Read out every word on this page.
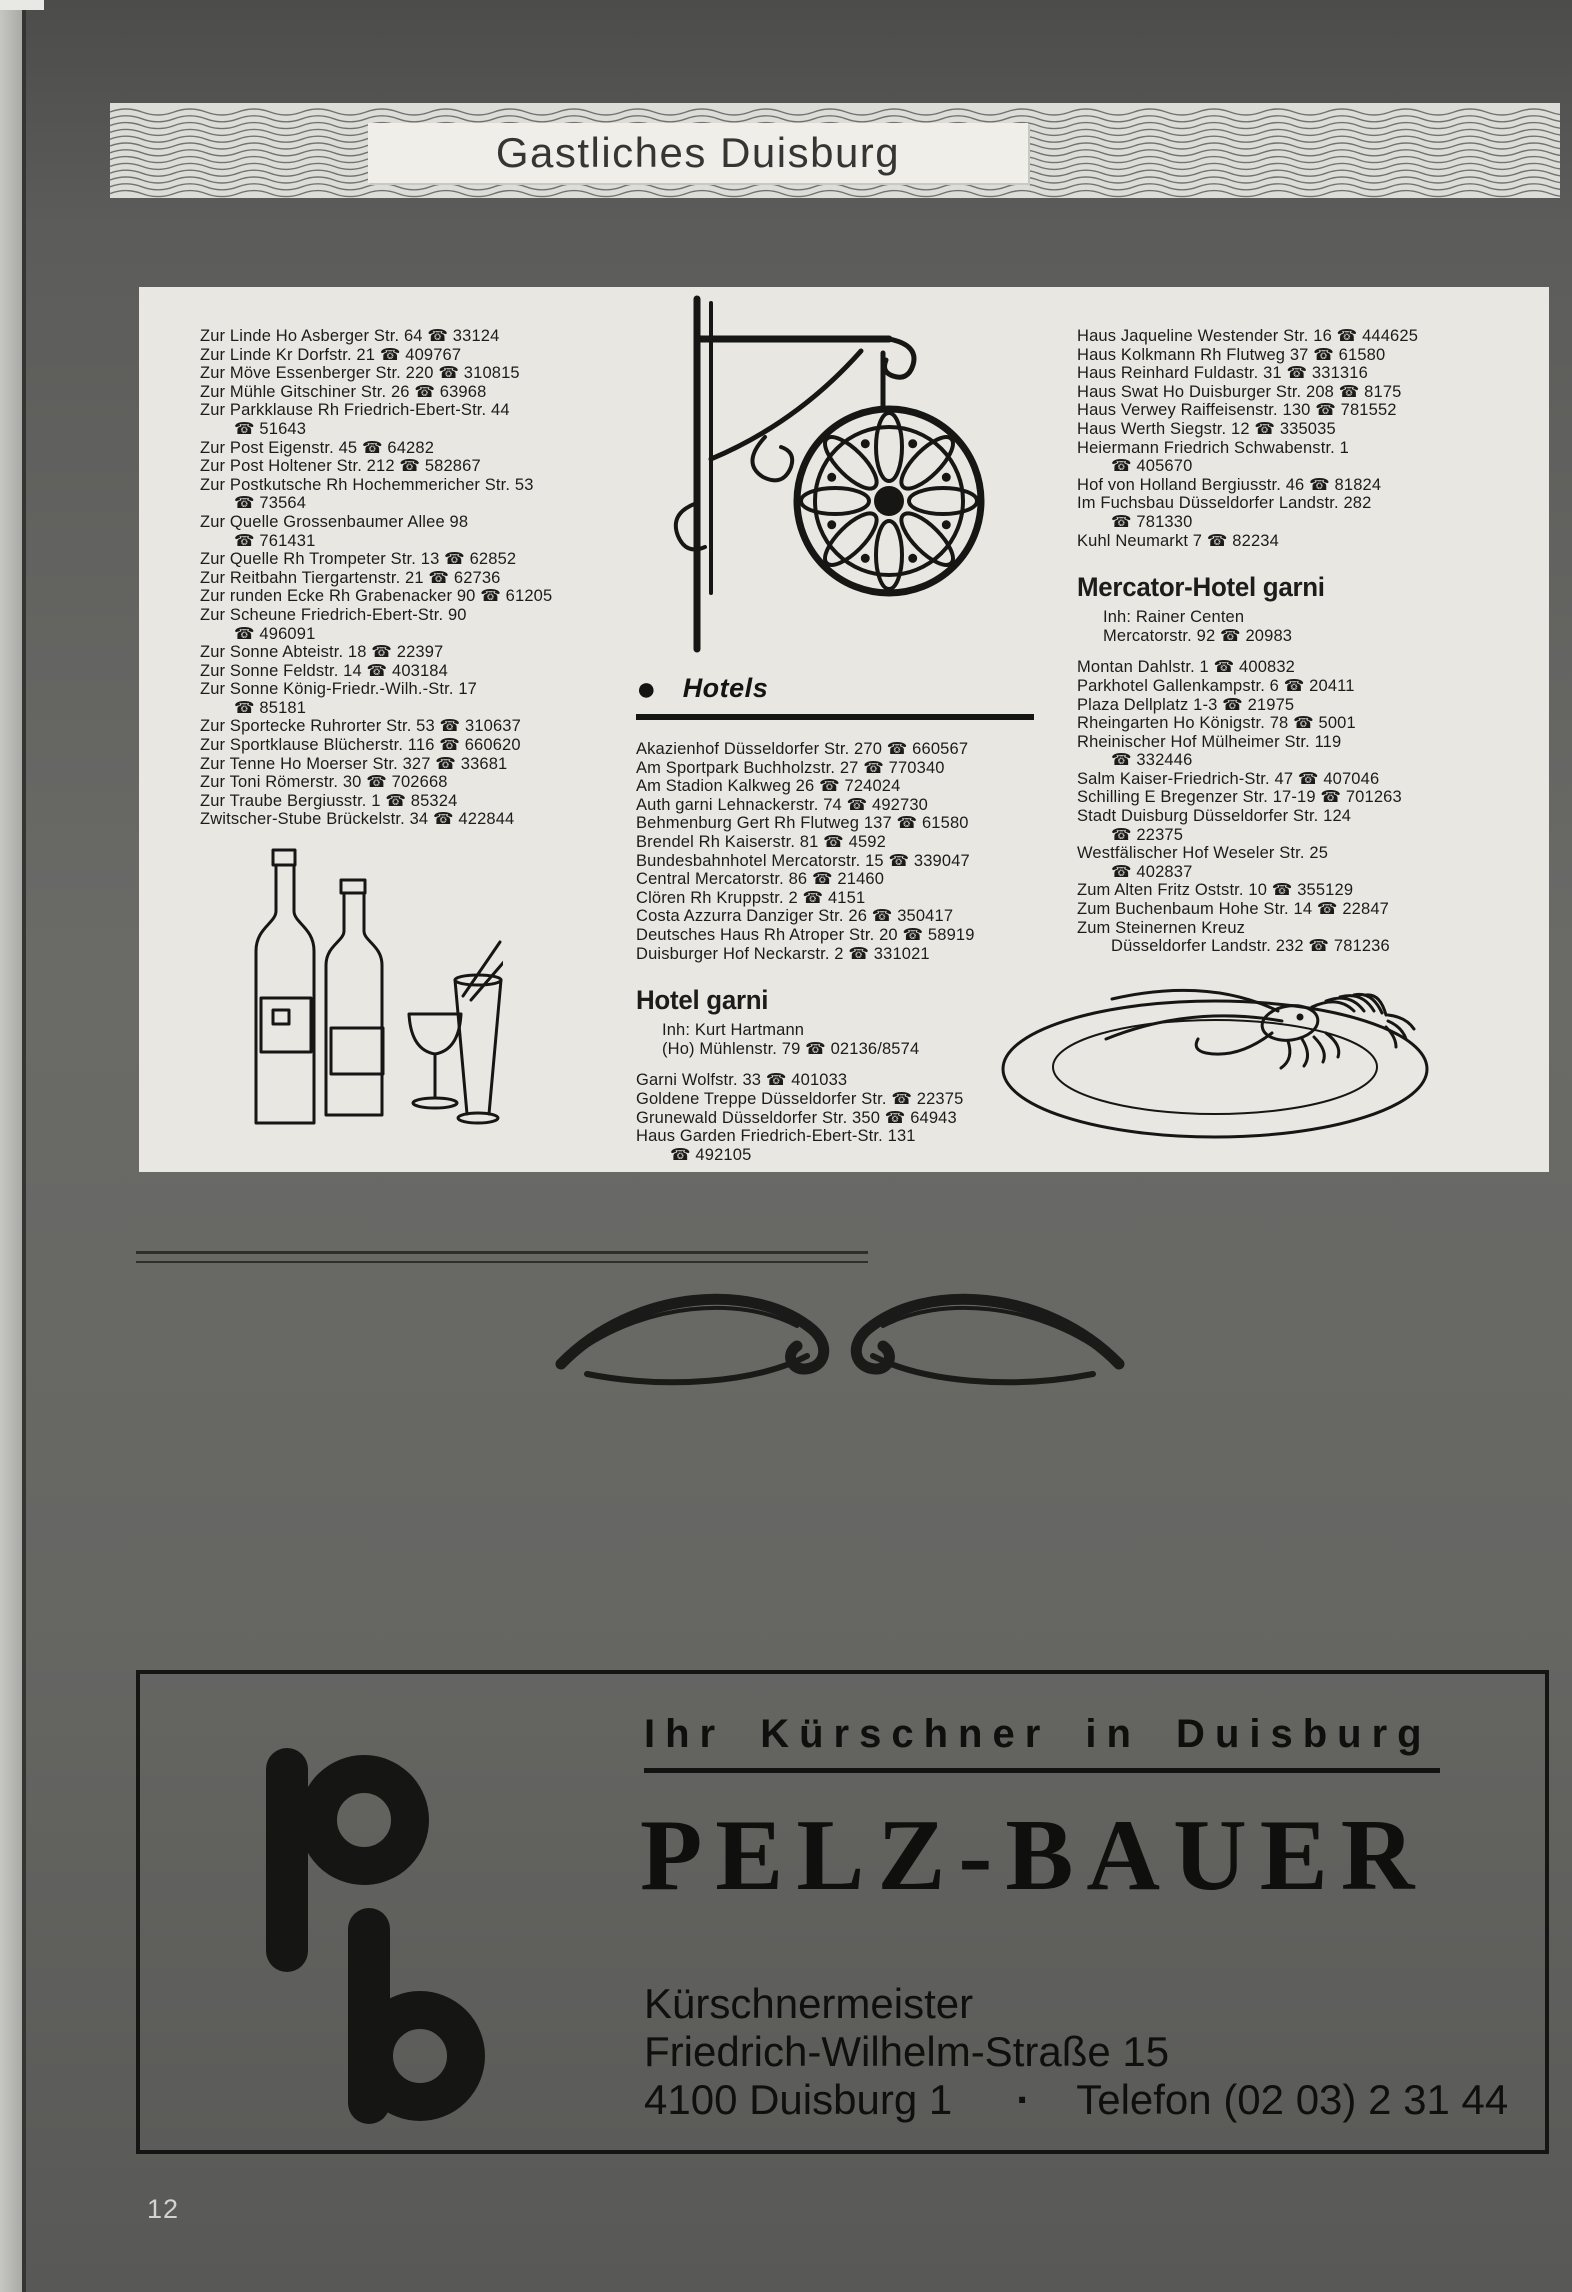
Gastliches Duisburg
Zur Linde Ho Asberger Str. 64 ☎ 33124
Zur Linde Kr Dorfstr. 21 ☎ 409767
Zur Möve Essenberger Str. 220 ☎ 310815
Zur Mühle Gitschiner Str. 26 ☎ 63968
Zur Parkklause Rh Friedrich-Ebert-Str. 44
☎ 51643
Zur Post Eigenstr. 45 ☎ 64282
Zur Post Holtener Str. 212 ☎ 582867
Zur Postkutsche Rh Hochemmericher Str. 53
☎ 73564
Zur Quelle Grossenbaumer Allee 98
☎ 761431
Zur Quelle Rh Trompeter Str. 13 ☎ 62852
Zur Reitbahn Tiergartenstr. 21 ☎ 62736
Zur runden Ecke Rh Grabenacker 90 ☎ 61205
Zur Scheune Friedrich-Ebert-Str. 90
☎ 496091
Zur Sonne Abteistr. 18 ☎ 22397
Zur Sonne Feldstr. 14 ☎ 403184
Zur Sonne König-Friedr.-Wilh.-Str. 17
☎ 85181
Zur Sportecke Ruhrorter Str. 53 ☎ 310637
Zur Sportklause Blücherstr. 116 ☎ 660620
Zur Tenne Ho Moerser Str. 327 ☎ 33681
Zur Toni Römerstr. 30 ☎ 702668
Zur Traube Bergiusstr. 1 ☎ 85324
Zwitscher-Stube Brückelstr. 34 ☎ 422844
● Hotels
Akazienhof Düsseldorfer Str. 270 ☎ 660567
Am Sportpark Buchholzstr. 27 ☎ 770340
Am Stadion Kalkweg 26 ☎ 724024
Auth garni Lehnackerstr. 74 ☎ 492730
Behmenburg Gert Rh Flutweg 137 ☎ 61580
Brendel Rh Kaiserstr. 81 ☎ 4592
Bundesbahnhotel Mercatorstr. 15 ☎ 339047
Central Mercatorstr. 86 ☎ 21460
Clören Rh Kruppstr. 2 ☎ 4151
Costa Azzurra Danziger Str. 26 ☎ 350417
Deutsches Haus Rh Atroper Str. 20 ☎ 58919
Duisburger Hof Neckarstr. 2 ☎ 331021
Hotel garni
Inh: Kurt Hartmann
(Ho) Mühlenstr. 79 ☎ 02136/8574
Garni Wolfstr. 33 ☎ 401033
Goldene Treppe Düsseldorfer Str. ☎ 22375
Grunewald Düsseldorfer Str. 350 ☎ 64943
Haus Garden Friedrich-Ebert-Str. 131
☎ 492105
Haus Jaqueline Westender Str. 16 ☎ 444625
Haus Kolkmann Rh Flutweg 37 ☎ 61580
Haus Reinhard Fuldastr. 31 ☎ 331316
Haus Swat Ho Duisburger Str. 208 ☎ 8175
Haus Verwey Raiffeisenstr. 130 ☎ 781552
Haus Werth Siegstr. 12 ☎ 335035
Heiermann Friedrich Schwabenstr. 1
☎ 405670
Hof von Holland Bergiusstr. 46 ☎ 81824
Im Fuchsbau Düsseldorfer Landstr. 282
☎ 781330
Kuhl Neumarkt 7 ☎ 82234
Mercator-Hotel garni
Inh: Rainer Centen
Mercatorstr. 92 ☎ 20983
Montan Dahlstr. 1 ☎ 400832
Parkhotel Gallenkampstr. 6 ☎ 20411
Plaza Dellplatz 1-3 ☎ 21975
Rheingarten Ho Königstr. 78 ☎ 5001
Rheinischer Hof Mülheimer Str. 119
☎ 332446
Salm Kaiser-Friedrich-Str. 47 ☎ 407046
Schilling E Bregenzer Str. 17-19 ☎ 701263
Stadt Duisburg Düsseldorfer Str. 124
☎ 22375
Westfälischer Hof Weseler Str. 25
☎ 402837
Zum Alten Fritz Oststr. 10 ☎ 355129
Zum Buchenbaum Hohe Str. 14 ☎ 22847
Zum Steinernen Kreuz
Düsseldorfer Landstr. 232 ☎ 781236
Ihr Kürschner in Duisburg
PELZ-BAUER
Kürschnermeister
Friedrich-Wilhelm-Straße 15
4100 Duisburg 1 · Telefon (02 03) 2 31 44
12
